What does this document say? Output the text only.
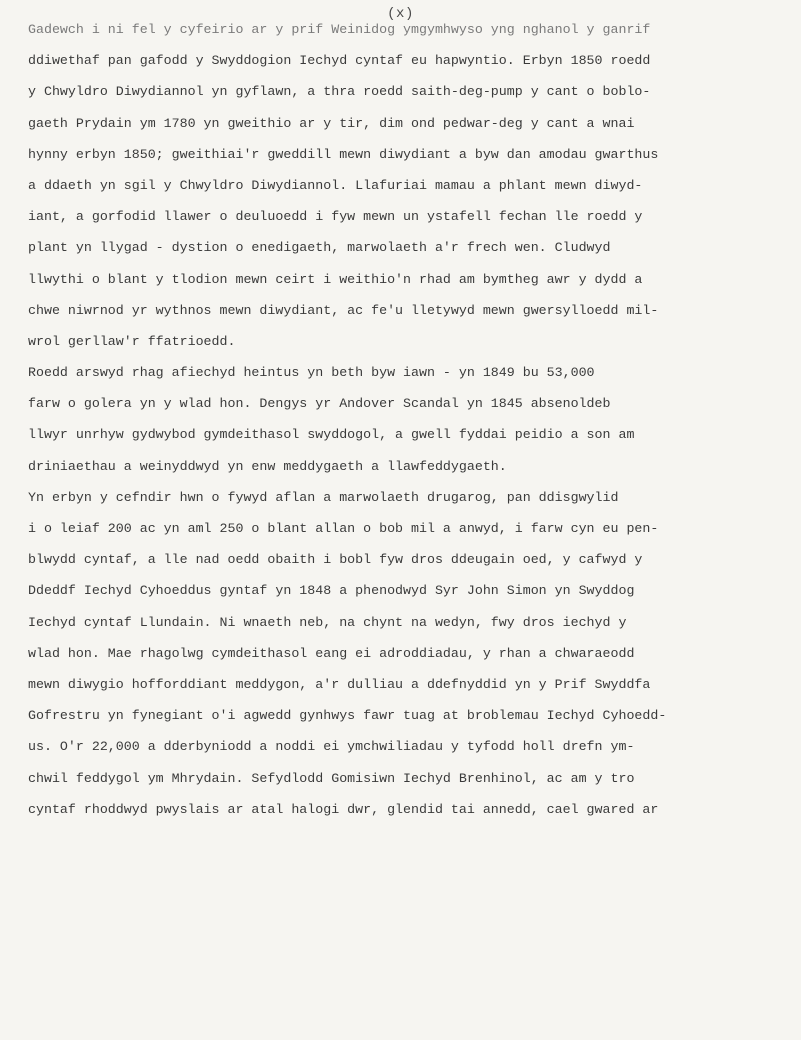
(x)
Gadewch i ni fel y cyfeirio ar y prif Weinidog ymgymhwyso yng nghanol y ganrif
ddiwethaf pan gafodd y Swyddogion Iechyd cyntaf eu hapwyntio. Erbyn 1850 roedd
y Chwyldro Diwydiannol yn gyflawn, a thra roedd saith-deg-pump y cant o boblo-
gaeth Prydain ym 1780 yn gweithio ar y tir, dim ond pedwar-deg y cant a wnai
hynny erbyn 1850; gweithiai'r gweddill mewn diwydiant a byw dan amodau gwarthus
a ddaeth yn sgil y Chwyldro Diwydiannol. Llafuriai mamau a phlant mewn diwyd-
iant, a gorfodid llawer o deuluoedd i fyw mewn un ystafell fechan lle roedd y
plant yn llygad - dystion o enedigaeth, marwolaeth a'r frech wen. Cludwyd
llwythi o blant y tlodion mewn ceirt i weithio'n rhad am bymtheg awr y dydd a
chwe niwrnod yr wythnos mewn diwydiant, ac fe'u lletywyd mewn gwersylloedd mil-
wrol gerllaw'r ffatrioedd.
Roedd arswyd rhag afiechyd heintus yn beth byw iawn - yn 1849 bu 53,000
farw o golera yn y wlad hon. Dengys yr Andover Scandal yn 1845 absenoldeb
llwyr unrhyw gydwybod gymdeithasol swyddogol, a gwell fyddai peidio a son am
driniaethau a weinyddwyd yn enw meddygaeth a llawfeddygaeth.
Yn erbyn y cefndir hwn o fywyd aflan a marwolaeth drugarog, pan ddisgwylid
i o leiaf 200 ac yn aml 250 o blant allan o bob mil a anwyd, i farw cyn eu pen-
blwydd cyntaf, a lle nad oedd obaith i bobl fyw dros ddeugain oed, y cafwyd y
Ddeddf Iechyd Cyhoeddus gyntaf yn 1848 a phenodwyd Syr John Simon yn Swyddog
Iechyd cyntaf Llundain. Ni wnaeth neb, na chynt na wedyn, fwy dros iechyd y
wlad hon. Mae rhagolwg cymdeithasol eang ei adroddiadau, y rhan a chwaraeodd
mewn diwygio hofforddiant meddygon, a'r dulliau a ddefnyddid yn y Prif Swyddfa
Gofrestru yn fynegiant o'i agwedd gynhwys fawr tuag at broblemau Iechyd Cyhoedd-
us. O'r 22,000 a dderbyniodd a noddi ei ymchwiliadau y tyfodd holl drefn ym-
chwil feddygol ym Mhrydain. Sefydlodd Gomisiwn Iechyd Brenhinol, ac am y tro
cyntaf rhoddwyd pwyslais ar atal halogi dwr, glendid tai annedd, cael gwared ar
